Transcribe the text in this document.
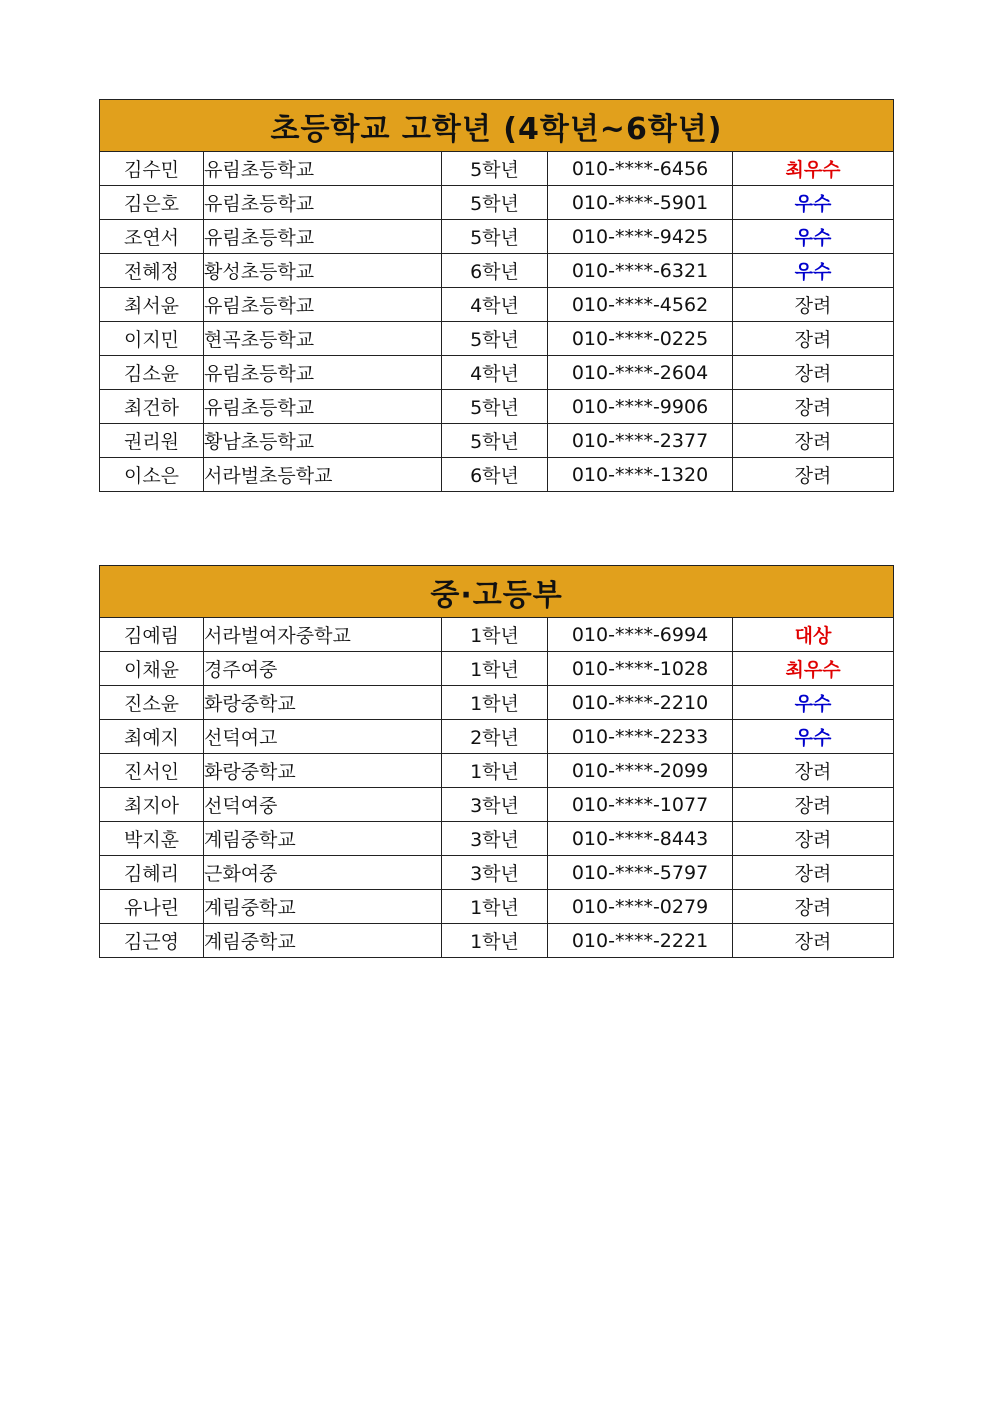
초등학교 고학년 (4학년~6학년)				
김수민	유림초등학교	5학년	010-****-6456	최우수
김은호	유림초등학교	5학년	010-****-5901	우수
조연서	유림초등학교	5학년	010-****-9425	우수
전혜정	황성초등학교	6학년	010-****-6321	우수
최서윤	유림초등학교	4학년	010-****-4562	장려
이지민	현곡초등학교	5학년	010-****-0225	장려
김소윤	유림초등학교	4학년	010-****-2604	장려
최건하	유림초등학교	5학년	010-****-9906	장려
권리원	황남초등학교	5학년	010-****-2377	장려
이소은	서라벌초등학교	6학년	010-****-1320	장려
중·고등부				
김예림	서라벌여자중학교	1학년	010-****-6994	대상
이채윤	경주여중	1학년	010-****-1028	최우수
진소윤	화랑중학교	1학년	010-****-2210	우수
최예지	선덕여고	2학년	010-****-2233	우수
진서인	화랑중학교	1학년	010-****-2099	장려
최지아	선덕여중	3학년	010-****-1077	장려
박지훈	계림중학교	3학년	010-****-8443	장려
김혜리	근화여중	3학년	010-****-5797	장려
유나린	계림중학교	1학년	010-****-0279	장려
김근영	계림중학교	1학년	010-****-2221	장려
